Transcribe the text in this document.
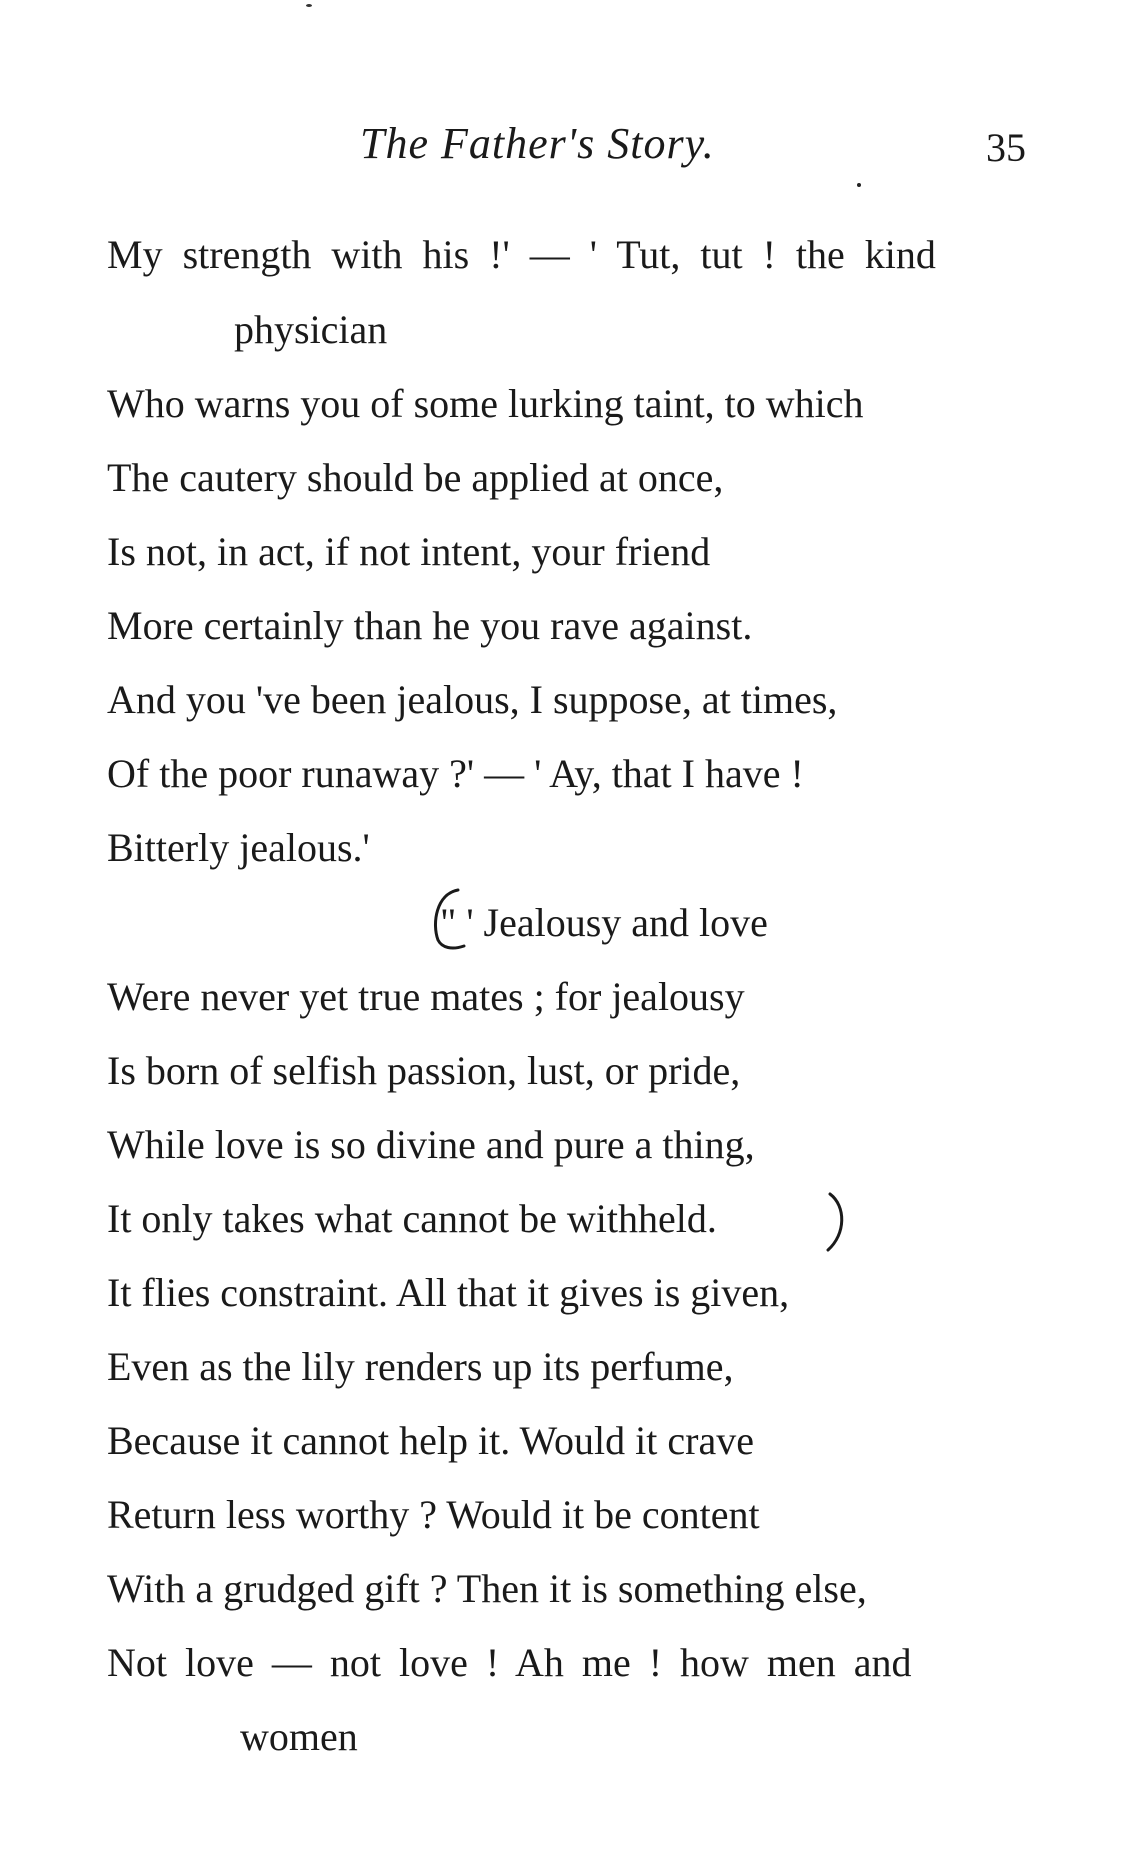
The Father's Story.	35
My strength with his !' — ' Tut, tut ! the kind
physician
Who warns you of some lurking taint, to which
The cautery should be applied at once,
Is not, in act, if not intent, your friend
More certainly than he you rave against.
And you 've been jealous, I suppose, at times,
Of the poor runaway ?' — ' Ay, that I have !
Bitterly jealous.'
" ' Jealousy and love
Were never yet true mates ; for jealousy
Is born of selfish passion, lust, or pride,
While love is so divine and pure a thing,
It only takes what cannot be withheld.
It flies constraint. All that it gives is given,
Even as the lily renders up its perfume,
Because it cannot help it. Would it crave
Return less worthy ? Would it be content
With a grudged gift ? Then it is something else,
Not love — not love ! Ah me ! how men and
women
